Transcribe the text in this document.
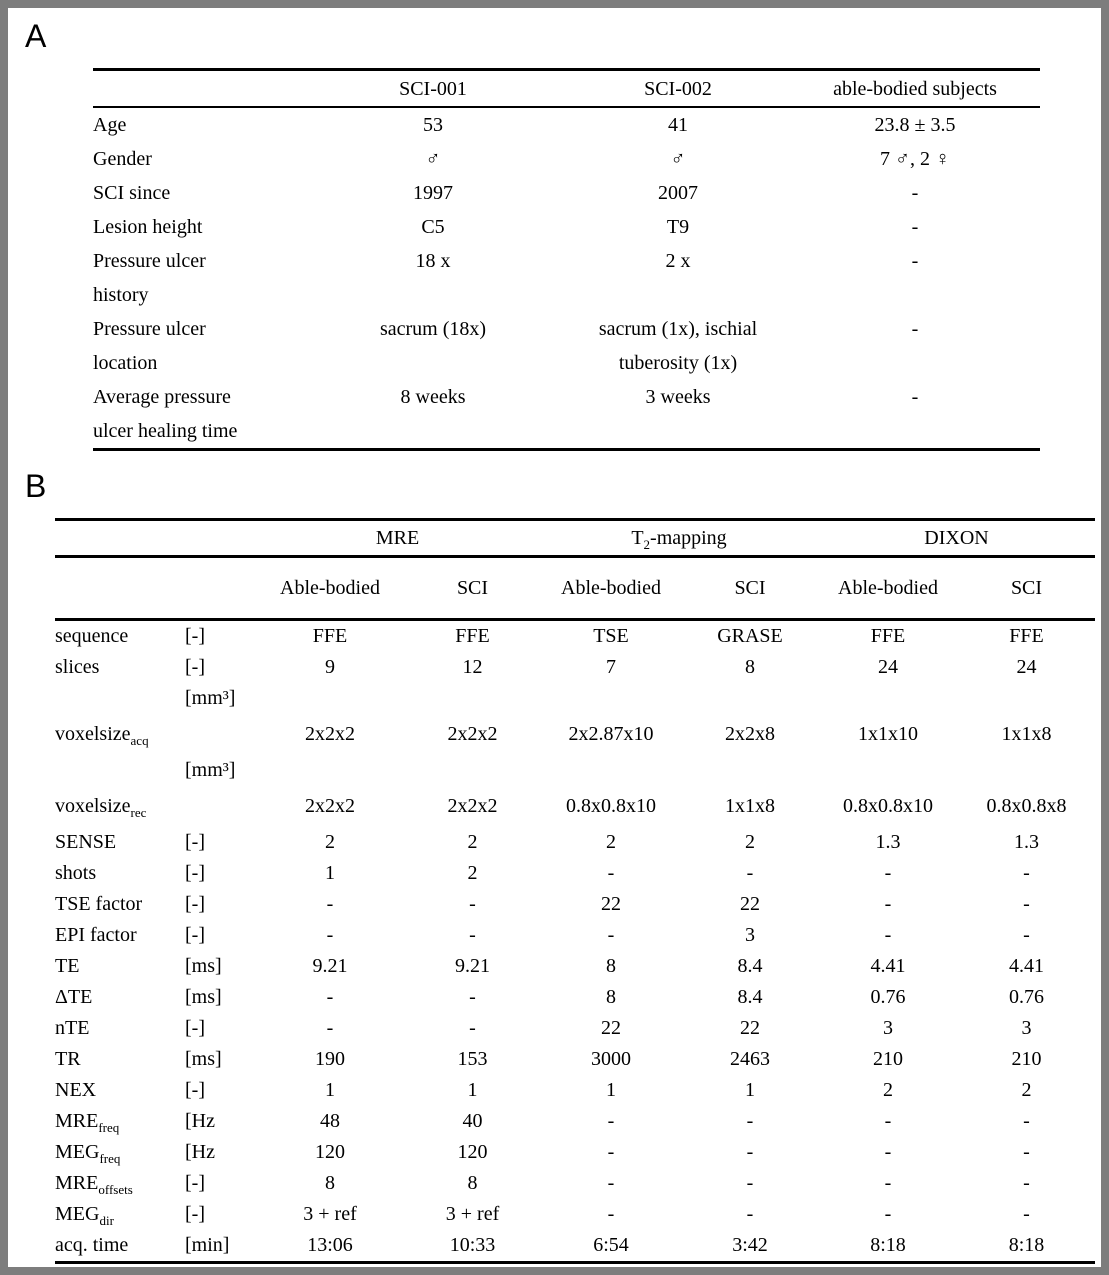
A
	SCI-001	SCI-002	able-bodied subjects
Age	53	41	23.8 ± 3.5
Gender	♂	♂	7 ♂, 2 ♀
SCI since	1997	2007	-
Lesion height	C5	T9	-
Pressure ulcer history	18 x	2 x	-
Pressure ulcer location	sacrum (18x)	sacrum (1x), ischial tuberosity (1x)	-
Average pressure ulcer healing time	8 weeks	3 weeks	-
B
		MRE		$T_2$-mapping		DIXON	
		Able-bodied	SCI	Able-bodied	SCI	Able-bodied	SCI
sequence	[-]	FFE	FFE	TSE	GRASE	FFE	FFE
slices	[-]	9	12	7	8	24	24
voxelsize$_{acq}$	[mm³]	2x2x2	2x2x2	2x2.87x10	2x2x8	1x1x10	1x1x8
voxelsize$_{rec}$	[mm³]	2x2x2	2x2x2	0.8x0.8x10	1x1x8	0.8x0.8x10	0.8x0.8x8
SENSE	[-]	2	2	2	2	1.3	1.3
shots	[-]	1	2	-	-	-	-
TSE factor	[-]	-	-	22	22	-	-
EPI factor	[-]	-	-	-	3	-	-
TE	[ms]	9.21	9.21	8	8.4	4.41	4.41
ΔTE	[ms]	-	-	8	8.4	0.76	0.76
nTE	[-]	-	-	22	22	3	3
TR	[ms]	190	153	3000	2463	210	210
NEX	[-]	1	1	1	1	2	2
$MRE_{freq}$	[Hz	48	40	-	-	-	-
$MEG_{freq}$	[Hz	120	120	-	-	-	-
$MRE_{offsets}$	[-]	8	8	-	-	-	-
$MEG_{dir}$	[-]	3 + ref	3 + ref	-	-	-	-
acq. time	[min]	13:06	10:33	6:54	3:42	8:18	8:18
